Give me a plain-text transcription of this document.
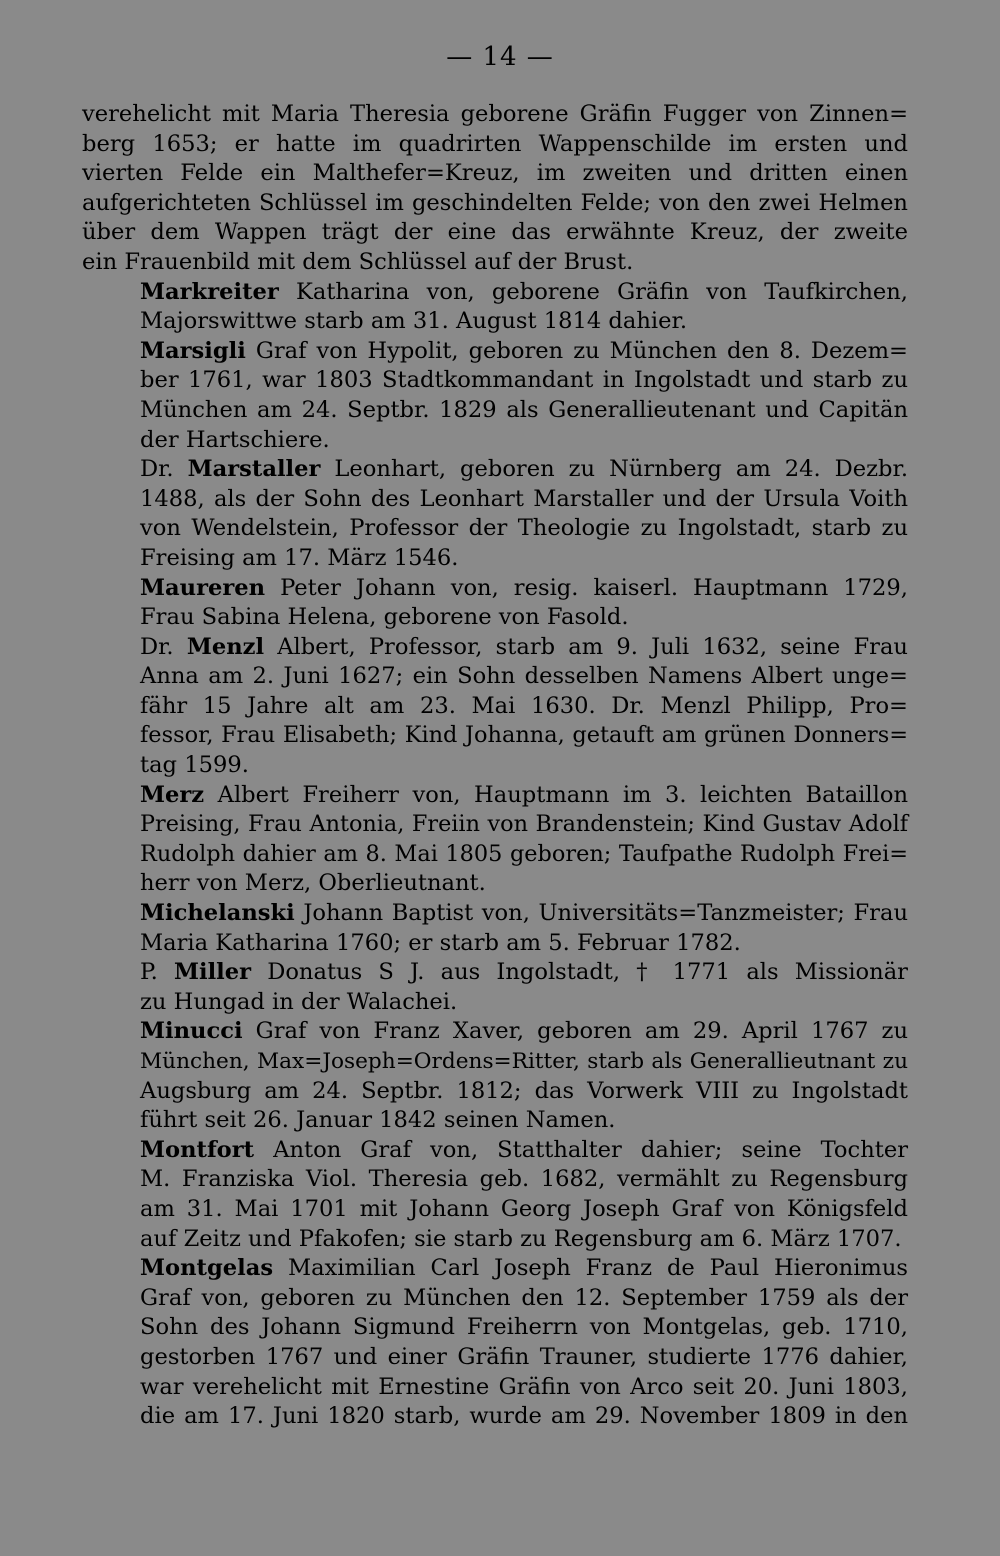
— 14 —
verehelicht mit Maria Theresia geborene Gräfin Fugger von Zinnen=
berg 1653; er hatte im quadrirten Wappenschilde im ersten und
vierten Felde ein Malthefer=Kreuz, im zweiten und dritten einen
aufgerichteten Schlüssel im geschindelten Felde; von den zwei Helmen
über dem Wappen trägt der eine das erwähnte Kreuz, der zweite
ein Frauenbild mit dem Schlüssel auf der Brust.
Markreiter Katharina von, geborene Gräfin von Taufkirchen,
Majorswittwe starb am 31. August 1814 dahier.
Marsigli Graf von Hypolit, geboren zu München den 8. Dezem=
ber 1761, war 1803 Stadtkommandant in Ingolstadt und starb zu
München am 24. Septbr. 1829 als Generallieutenant und Capitän
der Hartschiere.
Dr. Marstaller Leonhart, geboren zu Nürnberg am 24. Dezbr.
1488, als der Sohn des Leonhart Marstaller und der Ursula Voith
von Wendelstein, Professor der Theologie zu Ingolstadt, starb zu
Freising am 17. März 1546.
Maureren Peter Johann von, resig. kaiserl. Hauptmann 1729,
Frau Sabina Helena, geborene von Fasold.
Dr. Menzl Albert, Professor, starb am 9. Juli 1632, seine Frau
Anna am 2. Juni 1627; ein Sohn desselben Namens Albert unge=
fähr 15 Jahre alt am 23. Mai 1630. Dr. Menzl Philipp, Pro=
fessor, Frau Elisabeth; Kind Johanna, getauft am grünen Donners=
tag 1599.
Merz Albert Freiherr von, Hauptmann im 3. leichten Bataillon
Preising, Frau Antonia, Freiin von Brandenstein; Kind Gustav Adolf
Rudolph dahier am 8. Mai 1805 geboren; Taufpathe Rudolph Frei=
herr von Merz, Oberlieutnant.
Michelanski Johann Baptist von, Universitäts=Tanzmeister; Frau
Maria Katharina 1760; er starb am 5. Februar 1782.
P. Miller Donatus S J. aus Ingolstadt, † 1771 als Missionär
zu Hungad in der Walachei.
Minucci Graf von Franz Xaver, geboren am 29. April 1767 zu
München, Max=Joseph=Ordens=Ritter, starb als Generallieutnant zu
Augsburg am 24. Septbr. 1812; das Vorwerk VIII zu Ingolstadt
führt seit 26. Januar 1842 seinen Namen.
Montfort Anton Graf von, Statthalter dahier; seine Tochter
M. Franziska Viol. Theresia geb. 1682, vermählt zu Regensburg
am 31. Mai 1701 mit Johann Georg Joseph Graf von Königsfeld
auf Zeitz und Pfakofen; sie starb zu Regensburg am 6. März 1707.
Montgelas Maximilian Carl Joseph Franz de Paul Hieronimus
Graf von, geboren zu München den 12. September 1759 als der
Sohn des Johann Sigmund Freiherrn von Montgelas, geb. 1710,
gestorben 1767 und einer Gräfin Trauner, studierte 1776 dahier,
war verehelicht mit Ernestine Gräfin von Arco seit 20. Juni 1803,
die am 17. Juni 1820 starb, wurde am 29. November 1809 in den
